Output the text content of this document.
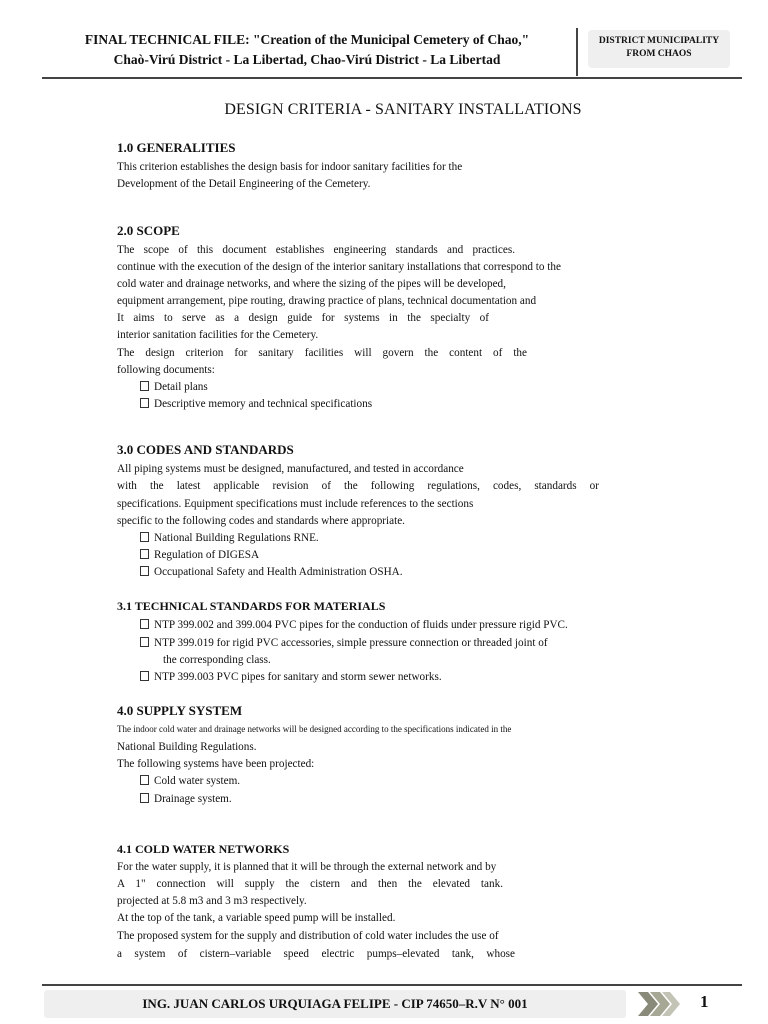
FINAL TECHNICAL FILE: "Creation of the Municipal Cemetery of Chao,"
Chaò-Virú District - La Libertad, Chao-Virú District - La Libertad
DISTRICT MUNICIPALITY
FROM CHAOS
DESIGN CRITERIA - SANITARY INSTALLATIONS
1.0 GENERALITIES
This criterion establishes the design basis for indoor sanitary facilities for the
Development of the Detail Engineering of the Cemetery.
2.0 SCOPE
The scope of this document establishes engineering standards and practices.
continue with the execution of the design of the interior sanitary installations that correspond to the
cold water and drainage networks, and where the sizing of the pipes will be developed,
equipment arrangement, pipe routing, drawing practice of plans, technical documentation and
It aims to serve as a design guide for systems in the specialty of
interior sanitation facilities for the Cemetery.
The design criterion for sanitary facilities will govern the content of the
following documents:
Detail plans
Descriptive memory and technical specifications
3.0 CODES AND STANDARDS
All piping systems must be designed, manufactured, and tested in accordance
with the latest applicable revision of the following regulations, codes, standards or
specifications. Equipment specifications must include references to the sections
specific to the following codes and standards where appropriate.
National Building Regulations RNE.
Regulation of DIGESA
Occupational Safety and Health Administration OSHA.
3.1 TECHNICAL STANDARDS FOR MATERIALS
NTP 399.002 and 399.004 PVC pipes for the conduction of fluids under pressure rigid PVC.
NTP 399.019 for rigid PVC accessories, simple pressure connection or threaded joint of
the corresponding class.
NTP 399.003 PVC pipes for sanitary and storm sewer networks.
4.0 SUPPLY SYSTEM
The indoor cold water and drainage networks will be designed according to the specifications indicated in the
National Building Regulations.
The following systems have been projected:
Cold water system.
Drainage system.
4.1 COLD WATER NETWORKS
For the water supply, it is planned that it will be through the external network and by
A 1" connection will supply the cistern and then the elevated tank.
projected at 5.8 m3 and 3 m3 respectively.
At the top of the tank, a variable speed pump will be installed.
The proposed system for the supply and distribution of cold water includes the use of
a system of cistern–variable speed electric pumps–elevated tank, whose
ING. JUAN CARLOS URQUIAGA FELIPE - CIP 74650–R.V N° 001	1
